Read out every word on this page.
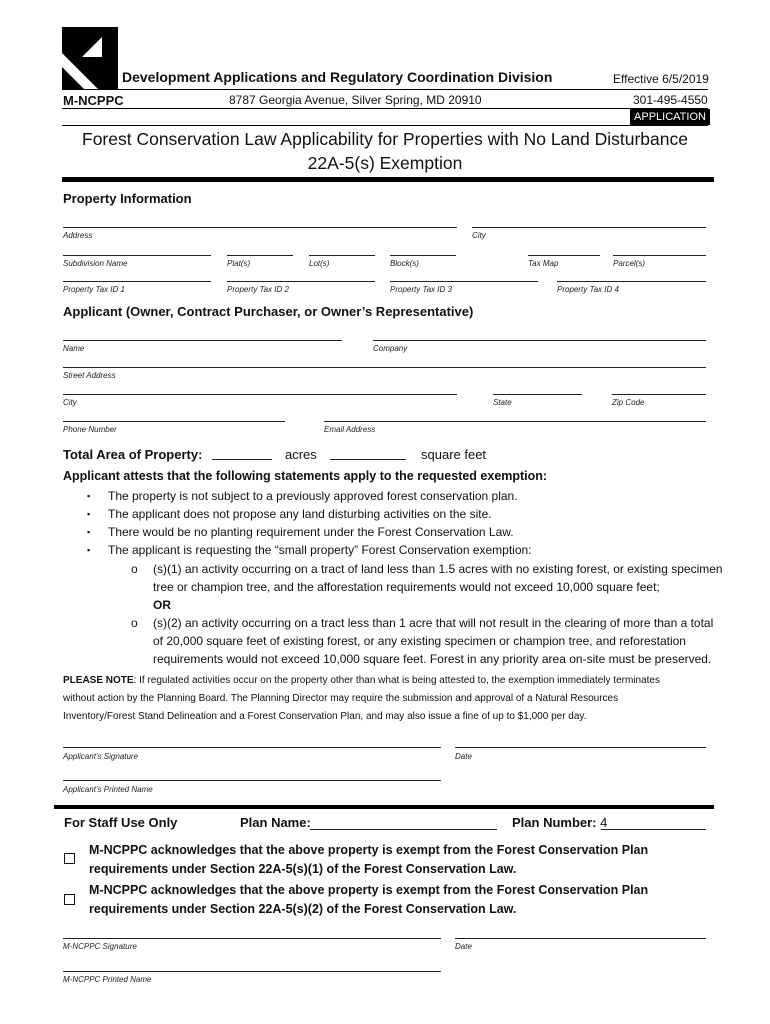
Development Applications and Regulatory Coordination Division	Effective 6/5/2019
M-NCPPC	8787 Georgia Avenue, Silver Spring, MD 20910	301-495-4550
APPLICATION
Forest Conservation Law Applicability for Properties with No Land Disturbance
22A-5(s) Exemption
Property Information
Address	City
Subdivision Name	Plat(s)	Lot(s)	Block(s)	Tax Map	Parcel(s)
Property Tax ID 1	Property Tax ID 2	Property Tax ID 3	Property Tax ID 4
Applicant (Owner, Contract Purchaser, or Owner’s Representative)
Name	Company
Street Address
City	State	Zip Code
Phone Number	Email Address
Total Area of Property:	acres	square feet
Applicant attests that the following statements apply to the requested exemption:
▪ The property is not subject to a previously approved forest conservation plan.
▪ The applicant does not propose any land disturbing activities on the site.
▪ There would be no planting requirement under the Forest Conservation Law.
▪ The applicant is requesting the “small property” Forest Conservation exemption:
o (s)(1) an activity occurring on a tract of land less than 1.5 acres with no existing forest, or existing specimen
tree or champion tree, and the afforestation requirements would not exceed 10,000 square feet;
OR
o (s)(2) an activity occurring on a tract less than 1 acre that will not result in the clearing of more than a total
of 20,000 square feet of existing forest, or any existing specimen or champion tree, and reforestation
requirements would not exceed 10,000 square feet. Forest in any priority area on-site must be preserved.
PLEASE NOTE: If regulated activities occur on the property other than what is being attested to, the exemption immediately terminates
without action by the Planning Board. The Planning Director may require the submission and approval of a Natural Resources
Inventory/Forest Stand Delineation and a Forest Conservation Plan, and may also issue a fine of up to $1,000 per day.
Applicant’s Signature	Date
Applicant’s Printed Name
For Staff Use Only	Plan Name:	Plan Number: 4
M-NCPPC acknowledges that the above property is exempt from the Forest Conservation Plan
requirements under Section 22A-5(s)(1) of the Forest Conservation Law.
M-NCPPC acknowledges that the above property is exempt from the Forest Conservation Plan
requirements under Section 22A-5(s)(2) of the Forest Conservation Law.
M-NCPPC Signature	Date
M-NCPPC Printed Name
